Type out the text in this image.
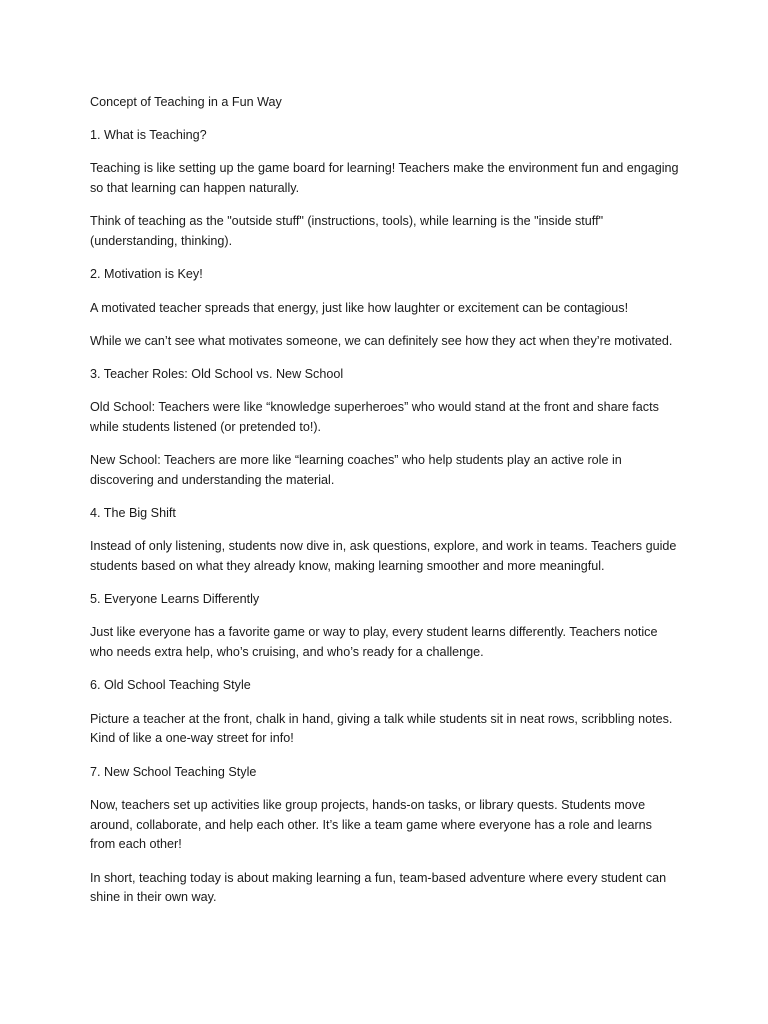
Concept of Teaching in a Fun Way

1. What is Teaching?

Teaching is like setting up the game board for learning! Teachers make the environment fun and engaging so that learning can happen naturally.

Think of teaching as the "outside stuff" (instructions, tools), while learning is the "inside stuff" (understanding, thinking).

2. Motivation is Key!

A motivated teacher spreads that energy, just like how laughter or excitement can be contagious!

While we can’t see what motivates someone, we can definitely see how they act when they’re motivated.

3. Teacher Roles: Old School vs. New School

Old School: Teachers were like “knowledge superheroes” who would stand at the front and share facts while students listened (or pretended to!).

New School: Teachers are more like “learning coaches” who help students play an active role in discovering and understanding the material.

4. The Big Shift

Instead of only listening, students now dive in, ask questions, explore, and work in teams. Teachers guide students based on what they already know, making learning smoother and more meaningful.

5. Everyone Learns Differently

Just like everyone has a favorite game or way to play, every student learns differently. Teachers notice who needs extra help, who’s cruising, and who’s ready for a challenge.

6. Old School Teaching Style

Picture a teacher at the front, chalk in hand, giving a talk while students sit in neat rows, scribbling notes. Kind of like a one-way street for info!

7. New School Teaching Style

Now, teachers set up activities like group projects, hands-on tasks, or library quests. Students move around, collaborate, and help each other. It’s like a team game where everyone has a role and learns from each other!

In short, teaching today is about making learning a fun, team-based adventure where every student can shine in their own way.
